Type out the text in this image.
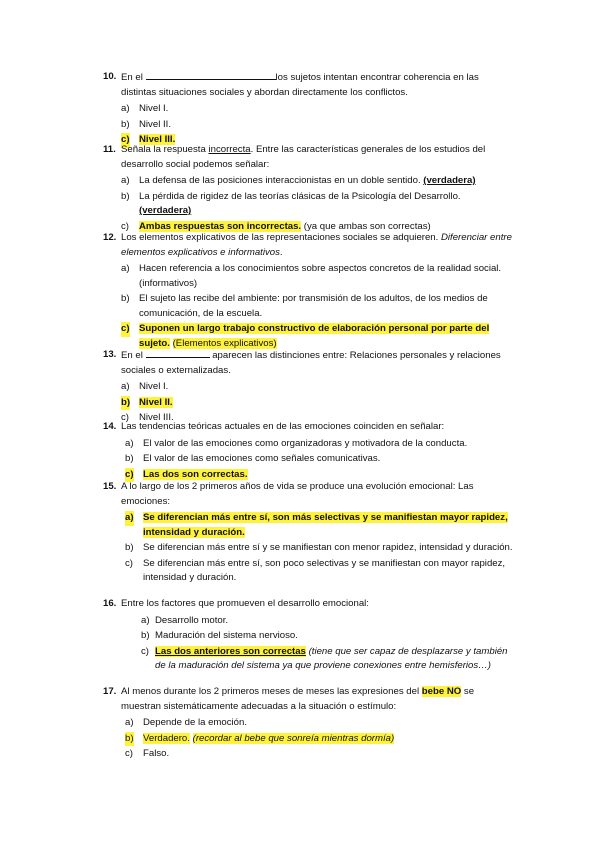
10. En el	los sujetos intentan encontrar coherencia en las distintas situaciones sociales y abordan directamente los conflictos.
a) Nivel I.
b) Nivel II.
c) Nivel III.
11. Señala la respuesta incorrecta. Entre las características generales de los estudios del desarrollo social podemos señalar:
a) La defensa de las posiciones interaccionistas en un doble sentido. (verdadera)
b) La pérdida de rigidez de las teorías clásicas de la Psicología del Desarrollo. (verdadera)
c) Ambas respuestas son incorrectas. (ya que ambas son correctas)
12. Los elementos explicativos de las representaciones sociales se adquieren. Diferenciar entre elementos explicativos e informativos.
a) Hacen referencia a los conocimientos sobre aspectos concretos de la realidad social. (informativos)
b) El sujeto las recibe del ambiente: por transmisión de los adultos, de los medios de comunicación, de la escuela.
c) Suponen un largo trabajo constructivo de elaboración personal por parte del sujeto. (Elementos explicativos)
13. En el	aparecen las distinciones entre: Relaciones personales y relaciones sociales o externalizadas.
a) Nivel I.
b) Nivel II.
c) Nivel III.
14. Las tendencias teóricas actuales en de las emociones coinciden en señalar:
a) El valor de las emociones como organizadoras y motivadora de la conducta.
b) El valor de las emociones como señales comunicativas.
c) Las dos son correctas.
15. A lo largo de los 2 primeros años de vida se produce una evolución emocional: Las emociones:
a) Se diferencian más entre sí, son más selectivas y se manifiestan mayor rapidez, intensidad y duración.
b) Se diferencian más entre sí y se manifiestan con menor rapidez, intensidad y duración.
c) Se diferencian más entre sí, son poco selectivas y se manifiestan con mayor rapidez, intensidad y duración.
16. Entre los factores que promueven el desarrollo emocional:
a) Desarrollo motor.
b) Maduración del sistema nervioso.
c) Las dos anteriores son correctas (tiene que ser capaz de desplazarse y también de la maduración del sistema ya que proviene conexiones entre hemisferios…)
17. Al menos durante los 2 primeros meses de meses las expresiones del bebe NO se muestran sistemáticamente adecuadas a la situación o estímulo:
a) Depende de la emoción.
b) Verdadero. (recordar al bebe que sonreía mientras dormía)
c) Falso.
